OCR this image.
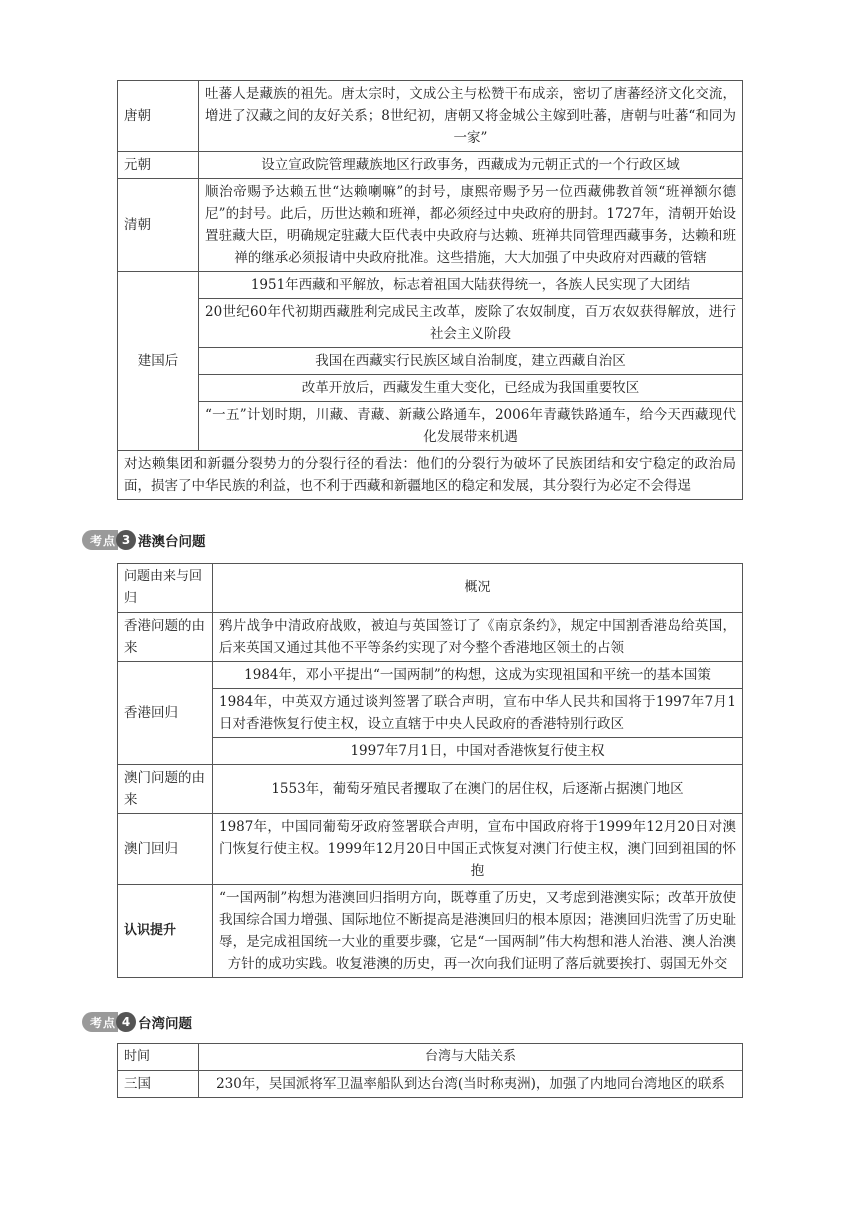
唐朝	吐蕃人是藏族的祖先。唐太宗时，文成公主与松赞干布成亲，密切了唐蕃经济文化交流，增进了汉藏之间的友好关系；8世纪初，唐朝又将金城公主嫁到吐蕃，唐朝与吐蕃“和同为一家”
元朝	设立宣政院管理藏族地区行政事务，西藏成为元朝正式的一个行政区域
清朝	顺治帝赐予达赖五世“达赖喇嘛”的封号，康熙帝赐予另一位西藏佛教首领“班禅额尔德尼”的封号。此后，历世达赖和班禅，都必须经过中央政府的册封。1727年，清朝开始设置驻藏大臣，明确规定驻藏大臣代表中央政府与达赖、班禅共同管理西藏事务，达赖和班禅的继承必须报请中央政府批准。这些措施，大大加强了中央政府对西藏的管辖
建国后	1951年西藏和平解放，标志着祖国大陆获得统一，各族人民实现了大团结
	20世纪60年代初期西藏胜利完成民主改革，废除了农奴制度，百万农奴获得解放，进行社会主义阶段
	我国在西藏实行民族区域自治制度，建立西藏自治区
	改革开放后，西藏发生重大变化，已经成为我国重要牧区
	“一五”计划时期，川藏、青藏、新藏公路通车，2006年青藏铁路通车，给今天西藏现代化发展带来机遇
对达赖集团和新疆分裂势力的分裂行径的看法：他们的分裂行为破坏了民族团结和安宁稳定的政治局面，损害了中华民族的利益，也不利于西藏和新疆地区的稳定和发展，其分裂行为必定不会得逞	
考点 3 港澳台问题
问题由来与回归	概况
香港问题的由来	鸦片战争中清政府战败，被迫与英国签订了《南京条约》，规定中国割香港岛给英国，后来英国又通过其他不平等条约实现了对今整个香港地区领土的占领
香港回归	1984年，邓小平提出“一国两制”的构想，这成为实现祖国和平统一的基本国策
	1984年，中英双方通过谈判签署了联合声明，宣布中华人民共和国将于1997年7月1日对香港恢复行使主权，设立直辖于中央人民政府的香港特别行政区
	1997年7月1日，中国对香港恢复行使主权
澳门问题的由来	1553年，葡萄牙殖民者攫取了在澳门的居住权，后逐渐占据澳门地区
澳门回归	1987年，中国同葡萄牙政府签署联合声明，宣布中国政府将于1999年12月20日对澳门恢复行使主权。1999年12月20日中国正式恢复对澳门行使主权，澳门回到祖国的怀抱
认识提升	“一国两制”构想为港澳回归指明方向，既尊重了历史，又考虑到港澳实际；改革开放使我国综合国力增强、国际地位不断提高是港澳回归的根本原因；港澳回归洗雪了历史耻辱，是完成祖国统一大业的重要步骤，它是“一国两制”伟大构想和港人治港、澳人治澳方针的成功实践。收复港澳的历史，再一次向我们证明了落后就要挨打、弱国无外交
考点 4 台湾问题
时间	台湾与大陆关系
三国	230年，吴国派将军卫温率船队到达台湾(当时称夷洲)，加强了内地同台湾地区的联系
